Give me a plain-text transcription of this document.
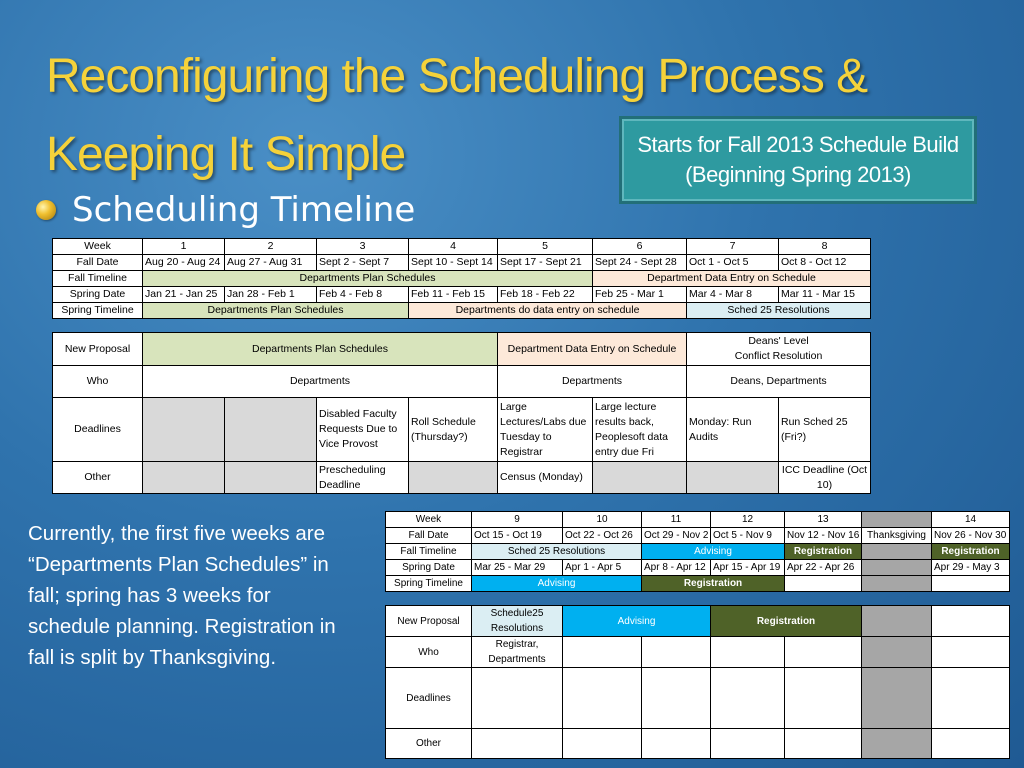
Reconfiguring the Scheduling Process &
Keeping It Simple	Starts for Fall 2013 Schedule Build
(Beginning Spring 2013)
Scheduling Timeline
Currently, the first five weeks are “Departments Plan Schedules” in fall; spring has 3 weeks for schedule planning. Registration in fall is split by Thanksgiving.
Week	1	2	3	4	5	6	7	8
Fall Date	Aug 20 - Aug 24	Aug 27 - Aug 31	Sept 2 - Sept 7	Sept 10 - Sept 14	Sept 17 - Sept 21	Sept 24 - Sept 28	Oct 1 - Oct 5	Oct 8 - Oct 12
Fall Timeline	Departments Plan Schedules					Department Data Entry on Schedule		
Spring Date	Jan 21 - Jan 25	Jan 28 - Feb 1	Feb 4 - Feb 8	Feb 11 - Feb 15	Feb 18 - Feb 22	Feb 25 - Mar 1	Mar 4 - Mar 8	Mar 11 - Mar 15
Spring Timeline	Departments Plan Schedules			Departments do data entry on schedule			Sched 25 Resolutions	
New Proposal	Departments Plan Schedules				Department Data Entry on Schedule		Deans' Level
Conflict Resolution	
Who	Departments				Departments		Deans, Departments	
Deadlines			Disabled Faculty Requests Due to Vice Provost	Roll Schedule (Thursday?)	Large Lectures/Labs due Tuesday to Registrar	Large lecture results back, Peoplesoft data entry due Fri	Monday: Run Audits	Run Sched 25 (Fri?)
Other			Prescheduling Deadline		Census (Monday)			ICC Deadline (Oct 10)
Week	9	10	11	12	13		14
Fall Date	Oct 15 - Oct 19	Oct 22 - Oct 26	Oct 29 - Nov 2	Oct 5 - Nov 9	Nov 12 - Nov 16	Thanksgiving	Nov 26 - Nov 30
Fall Timeline	Sched 25 Resolutions		Advising		Registration		Registration
Spring Date	Mar 25 - Mar 29	Apr 1 - Apr 5	Apr 8 - Apr 12	Apr 15 - Apr 19	Apr 22 - Apr 26		Apr 29 - May 3
Spring Timeline	Advising		Registration				
New Proposal	Schedule25 Resolutions	Advising		Registration			
Who	Registrar, Departments						
Deadlines							
Other							
